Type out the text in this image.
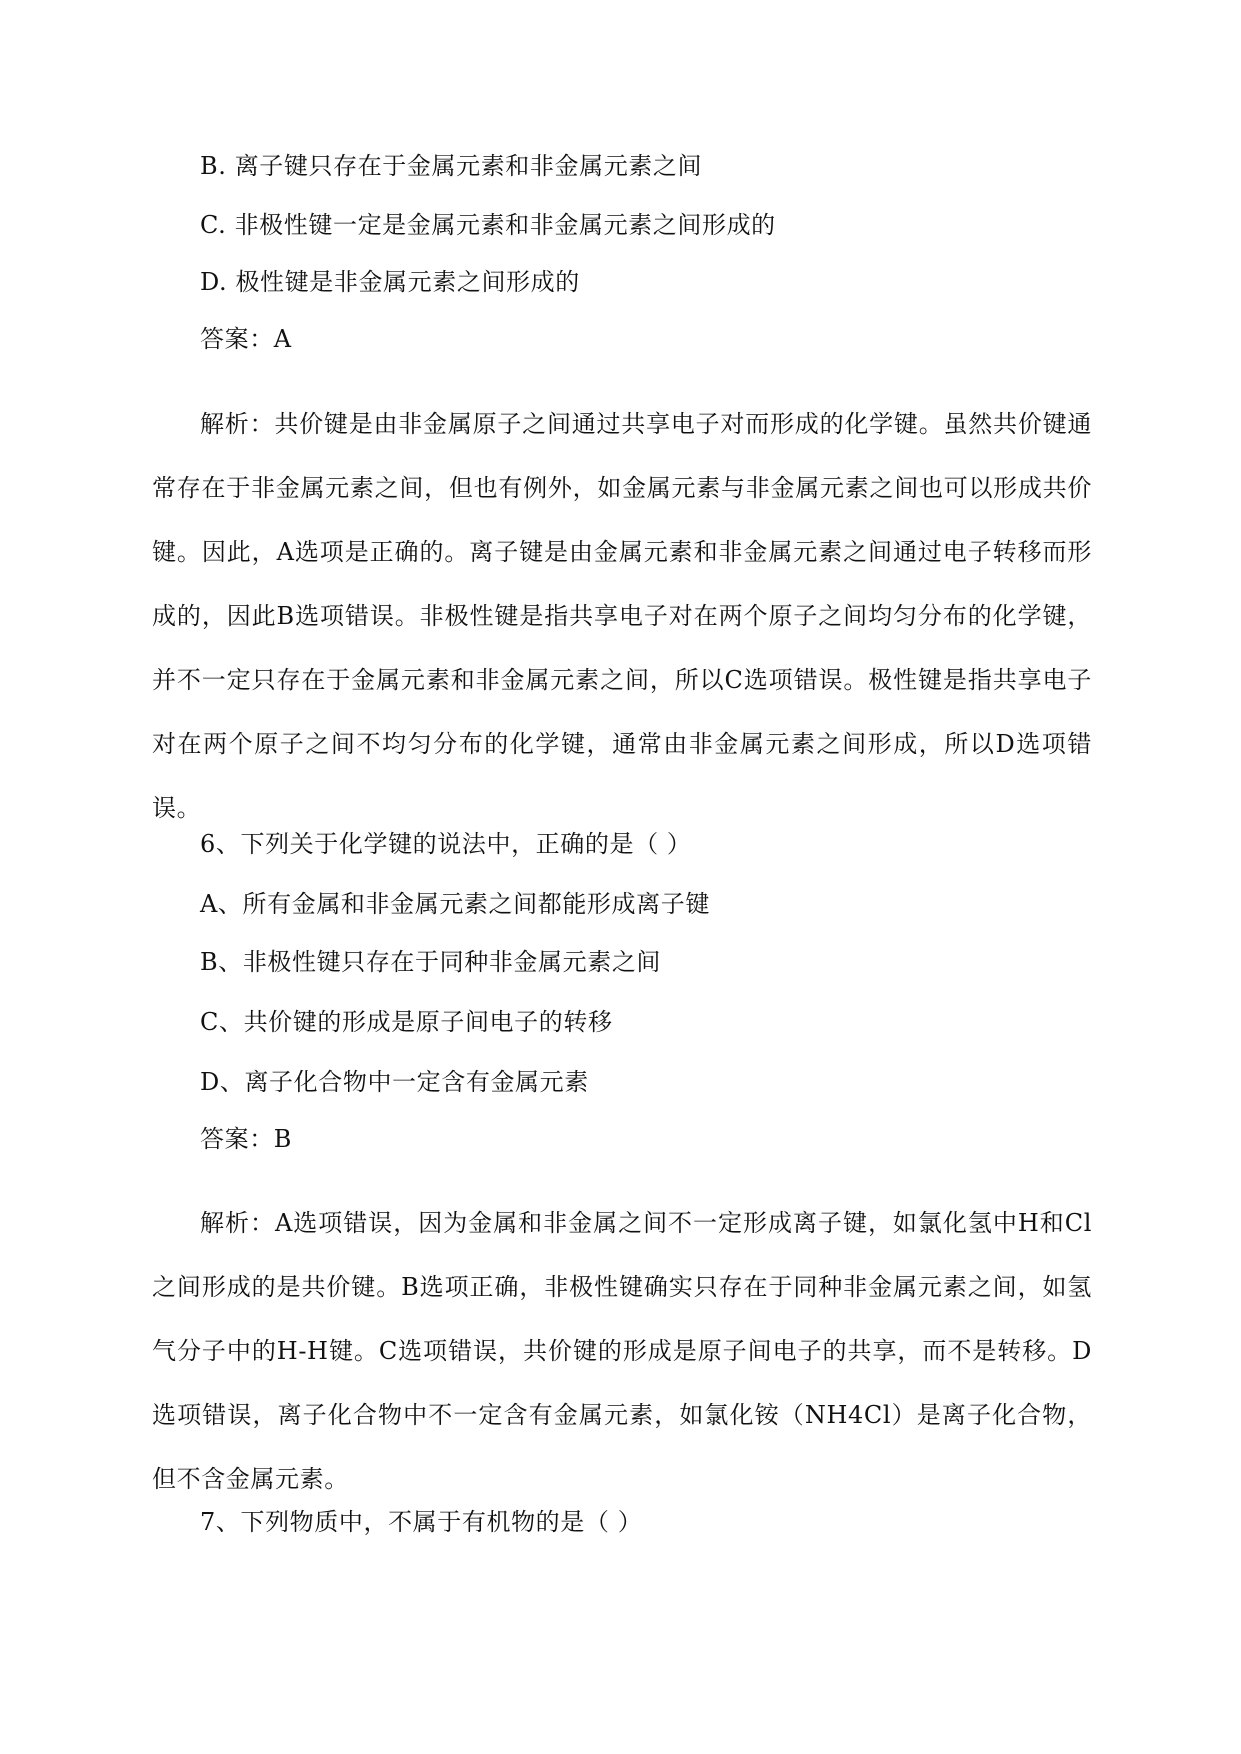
B. 离子键只存在于金属元素和非金属元素之间
C. 非极性键一定是金属元素和非金属元素之间形成的
D. 极性键是非金属元素之间形成的
答案：A
解析：共价键是由非金属原子之间通过共享电子对而形成的化学键。虽然共价键通常存在于非金属元素之间，但也有例外，如金属元素与非金属元素之间也可以形成共价键。因此，A选项是正确的。离子键是由金属元素和非金属元素之间通过电子转移而形成的，因此B选项错误。非极性键是指共享电子对在两个原子之间均匀分布的化学键，并不一定只存在于金属元素和非金属元素之间，所以C选项错误。极性键是指共享电子对在两个原子之间不均匀分布的化学键，通常由非金属元素之间形成，所以D选项错误。
6、下列关于化学键的说法中，正确的是（ ）
A、所有金属和非金属元素之间都能形成离子键
B、非极性键只存在于同种非金属元素之间
C、共价键的形成是原子间电子的转移
D、离子化合物中一定含有金属元素
答案：B
解析：A选项错误，因为金属和非金属之间不一定形成离子键，如氯化氢中H和Cl之间形成的是共价键。B选项正确，非极性键确实只存在于同种非金属元素之间，如氢气分子中的H-H键。C选项错误，共价键的形成是原子间电子的共享，而不是转移。D选项错误，离子化合物中不一定含有金属元素，如氯化铵（NH4Cl）是离子化合物，但不含金属元素。
7、下列物质中，不属于有机物的是（ ）
